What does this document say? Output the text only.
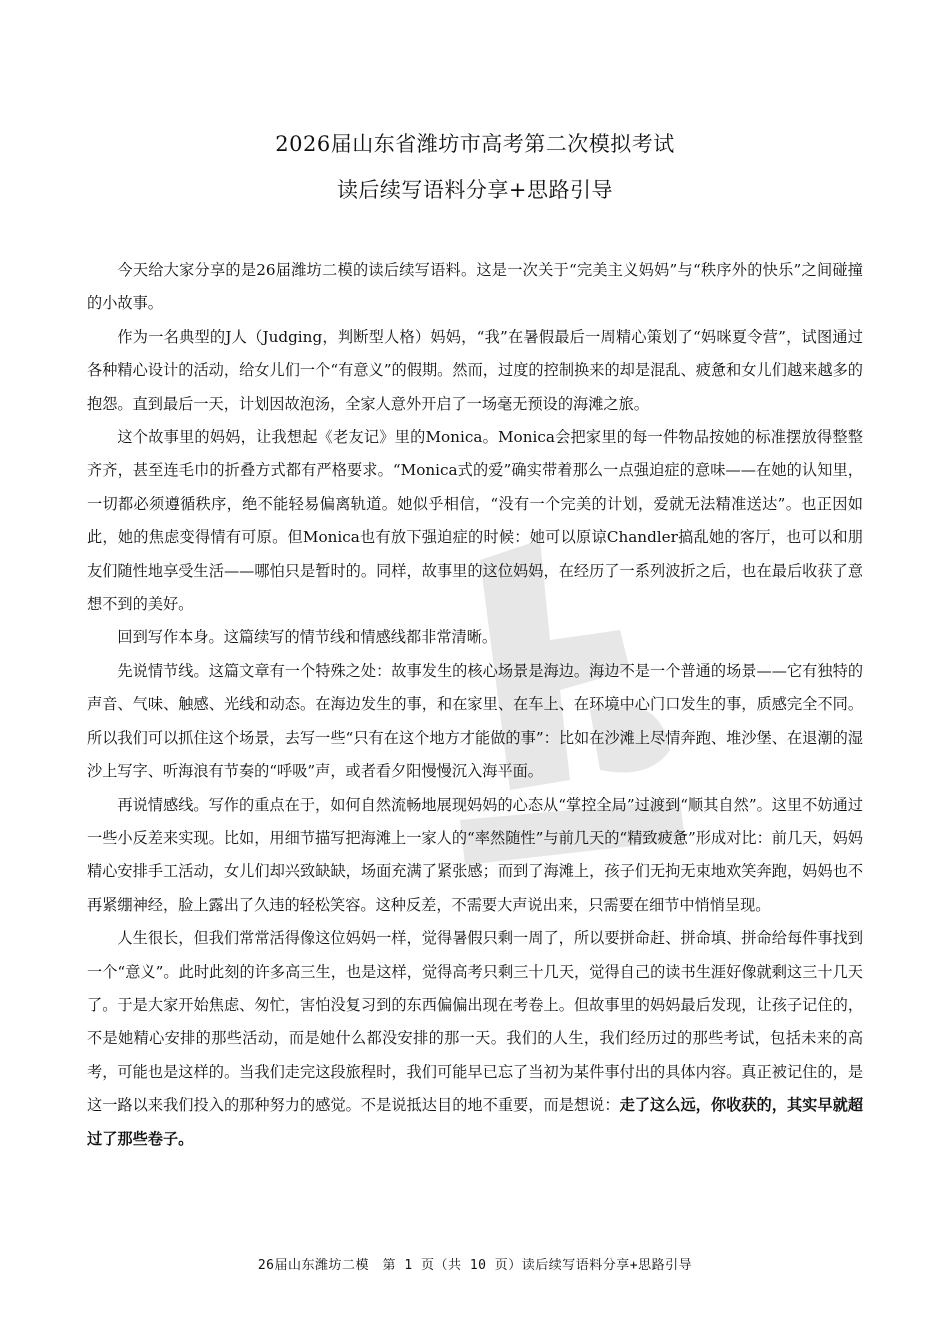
2026届山东省潍坊市高考第二次模拟考试
读后续写语料分享+思路引导

今天给大家分享的是26届潍坊二模的读后续写语料。这是一次关于“完美主义妈妈”与“秩序外的快乐”之间碰撞的小故事。

作为一名典型的J人（Judging，判断型人格）妈妈，“我”在暑假最后一周精心策划了“妈咪夏令营”，试图通过各种精心设计的活动，给女儿们一个“有意义”的假期。然而，过度的控制换来的却是混乱、疲惫和女儿们越来越多的抱怨。直到最后一天，计划因故泡汤，全家人意外开启了一场毫无预设的海滩之旅。

这个故事里的妈妈，让我想起《老友记》里的Monica。Monica会把家里的每一件物品按她的标准摆放得整整齐齐，甚至连毛巾的折叠方式都有严格要求。“Monica式的爱”确实带着那么一点强迫症的意味——在她的认知里，一切都必须遵循秩序，绝不能轻易偏离轨道。她似乎相信，“没有一个完美的计划，爱就无法精准送达”。也正因如此，她的焦虑变得情有可原。但Monica也有放下强迫症的时候：她可以原谅Chandler搞乱她的客厅，也可以和朋友们随性地享受生活——哪怕只是暂时的。同样，故事里的这位妈妈，在经历了一系列波折之后，也在最后收获了意想不到的美好。

回到写作本身。这篇续写的情节线和情感线都非常清晰。

先说情节线。这篇文章有一个特殊之处：故事发生的核心场景是海边。海边不是一个普通的场景——它有独特的声音、气味、触感、光线和动态。在海边发生的事，和在家里、在车上、在环境中心门口发生的事，质感完全不同。所以我们可以抓住这个场景，去写一些“只有在这个地方才能做的事”：比如在沙滩上尽情奔跑、堆沙堡、在退潮的湿沙上写字、听海浪有节奏的“呼吸”声，或者看夕阳慢慢沉入海平面。

再说情感线。写作的重点在于，如何自然流畅地展现妈妈的心态从“掌控全局”过渡到“顺其自然”。这里不妨通过一些小反差来实现。比如，用细节描写把海滩上一家人的“率然随性”与前几天的“精致疲惫”形成对比：前几天，妈妈精心安排手工活动，女儿们却兴致缺缺，场面充满了紧张感；而到了海滩上，孩子们无拘无束地欢笑奔跑，妈妈也不再紧绷神经，脸上露出了久违的轻松笑容。这种反差，不需要大声说出来，只需要在细节中悄悄呈现。

人生很长，但我们常常活得像这位妈妈一样，觉得暑假只剩一周了，所以要拼命赶、拼命填、拼命给每件事找到一个“意义”。此时此刻的许多高三生，也是这样，觉得高考只剩三十几天，觉得自己的读书生涯好像就剩这三十几天了。于是大家开始焦虑、匆忙，害怕没复习到的东西偏偏出现在考卷上。但故事里的妈妈最后发现，让孩子记住的，不是她精心安排的那些活动，而是她什么都没安排的那一天。我们的人生，我们经历过的那些考试，包括未来的高考，可能也是这样的。当我们走完这段旅程时，我们可能早已忘了当初为某件事付出的具体内容。真正被记住的，是这一路以来我们投入的那种努力的感觉。不是说抵达目的地不重要，而是想说：走了这么远，你收获的，其实早就超过了那些卷子。

26届山东潍坊二模　第 1 页（共 10 页）读后续写语料分享+思路引导
